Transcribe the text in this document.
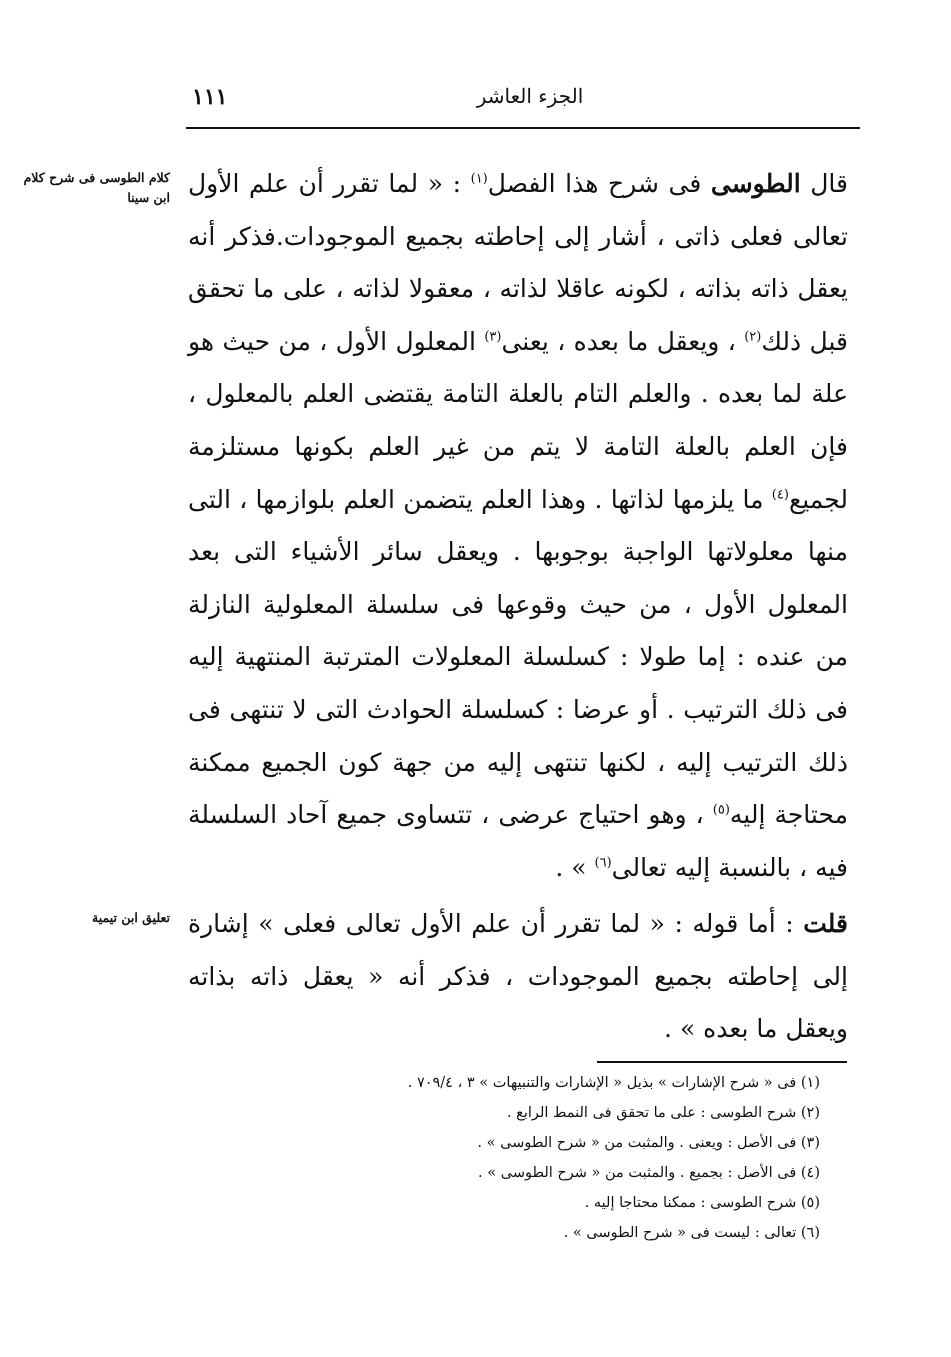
١١١	الجزء العاشر
كلام الطوسى فى شرح كلام ابن سينا
تعليق ابن تيمية
قال الطوسى فى شرح هذا الفصل$^{(١)}$ : « لما تقرر أن علم الأول تعالى فعلى ذاتى ، أشار إلى إحاطته بجميع الموجودات.فذكر أنه يعقل ذاته بذاته ، لكونه عاقلا لذاته ، معقولا لذاته ، على ما تحقق قبل ذلك$^{(٢)}$ ، ويعقل ما بعده ، يعنى$^{(٣)}$ المعلول الأول ، من حيث هو علة لما بعده . والعلم التام بالعلة التامة يقتضى العلم بالمعلول ، فإن العلم بالعلة التامة لا يتم من غير العلم بكونها مستلزمة لجميع$^{(٤)}$ ما يلزمها لذاتها . وهذا العلم يتضمن العلم بلوازمها ، التى منها معلولاتها الواجبة بوجوبها . ويعقل سائر الأشياء التى بعد المعلول الأول ، من حيث وقوعها فى سلسلة المعلولية النازلة من عنده : إما طولا : كسلسلة المعلولات المترتبة المنتهية إليه فى ذلك الترتيب . أو عرضا : كسلسلة الحوادث التى لا تنتهى فى ذلك الترتيب إليه ، لكنها تنتهى إليه من جهة كون الجميع ممكنة محتاجة إليه$^{(٥)}$ ، وهو احتياج عرضى ، تتساوى جميع آحاد السلسلة فيه ، بالنسبة إليه تعالى$^{(٦)}$ » .
قلت : أما قوله : « لما تقرر أن علم الأول تعالى فعلى » إشارة إلى إحاطته بجميع الموجودات ، فذكر أنه « يعقل ذاته بذاته ويعقل ما بعده » .
(١) فى « شرح الإشارات » بذيل « الإشارات والتنبيهات » ٣ ، ٧٠٩/٤ .
(٢) شرح الطوسى : على ما تحقق فى النمط الرابع .
(٣) فى الأصل : ويعنى . والمثبت من « شرح الطوسى » .
(٤) فى الأصل : بجميع . والمثبت من « شرح الطوسى » .
(٥) شرح الطوسى : ممكنا محتاجا إليه .
(٦) تعالى : ليست فى « شرح الطوسى » .
